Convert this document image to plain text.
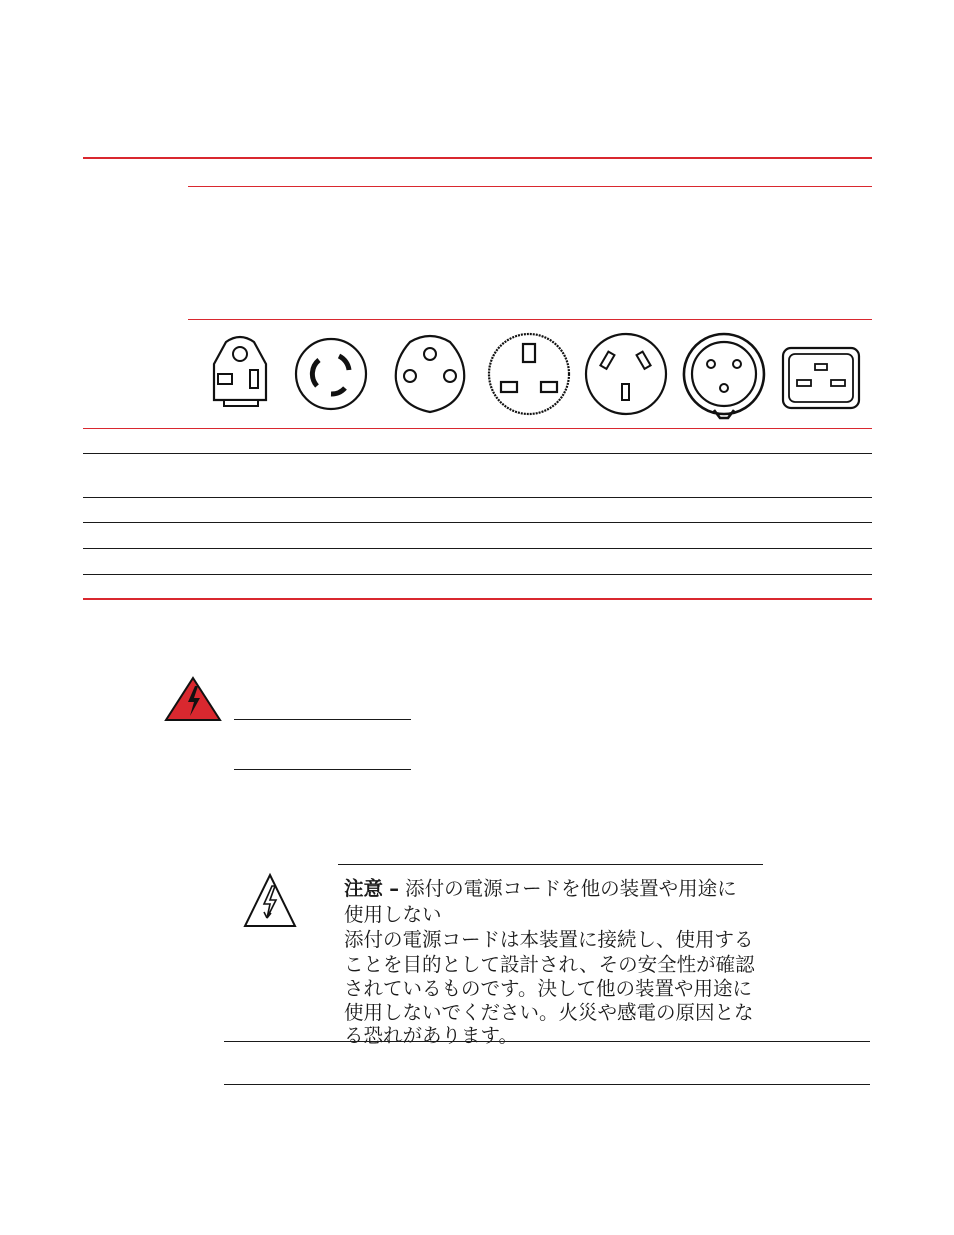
注意 – 添付の電源コードを他の装置や用途に
使用しない
添付の電源コードは本装置に接続し、使用する
ことを目的として設計され、その安全性が確認
されているものです。決して他の装置や用途に
使用しないでください。火災や感電の原因とな
る恐れがあります。
